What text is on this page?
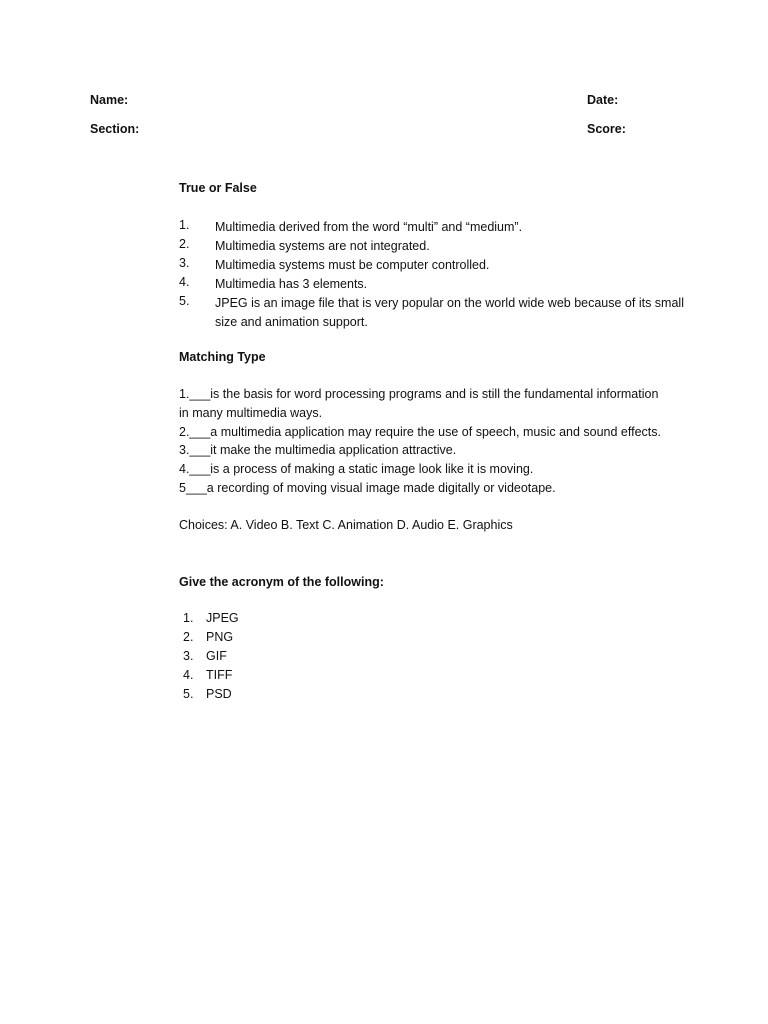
Name:	Date:
Section:	Score:
True or False
1. Multimedia derived from the word “multi” and “medium”.
2. Multimedia systems are not integrated.
3. Multimedia systems must be computer controlled.
4. Multimedia has 3 elements.
5. JPEG is an image file that is very popular on the world wide web because of its small size and animation support.
Matching Type
1.___is the basis for word processing programs and is still the fundamental information
in many multimedia ways.
2.___a multimedia application may require the use of speech, music and sound effects.
3.___it make the multimedia application attractive.
4.___is a process of making a static image look like it is moving.
5___a recording of moving visual image made digitally or videotape.
Choices: A. Video B. Text C. Animation D. Audio E. Graphics
Give the acronym of the following:
1. JPEG
2. PNG
3. GIF
4. TIFF
5. PSD
